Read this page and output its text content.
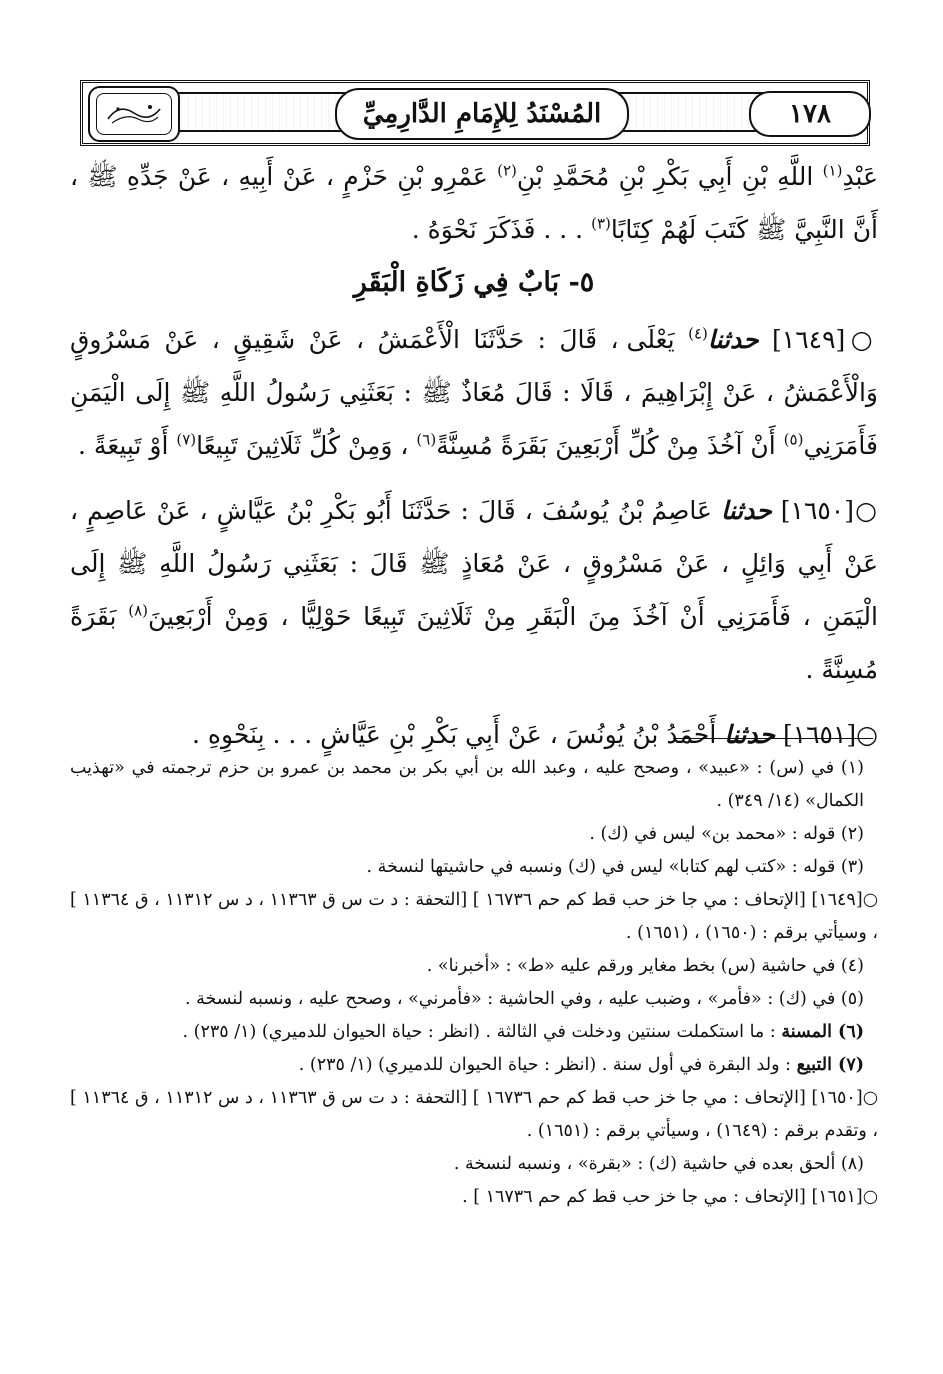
١٧٨
المُسْنَدُ لِلإِمَامِ الدَّارِمِيِّ

عَبْدِ$^{(١)}$ اللَّهِ بْنِ أَبِي بَكْرِ بْنِ مُحَمَّدِ بْنِ$^{(٢)}$ عَمْرِو بْنِ حَزْمٍ ، عَنْ أَبِيهِ ، عَنْ جَدِّهِ ﷺ ، أَنَّ النَّبِيَّ ﷺ كَتَبَ لَهُمْ كِتَابًا$^{(٣)}$ . . . فَذَكَرَ نَحْوَهُ .

٥- بَابٌ فِي زَكَاةِ الْبَقَرِ

○[١٦٤٩] حدثنا$^{(٤)}$ يَعْلَى ، قَالَ : حَدَّثَنَا الْأَعْمَشُ ، عَنْ شَقِيقٍ ، عَنْ مَسْرُوقٍ وَالْأَعْمَشُ ، عَنْ إِبْرَاهِيمَ ، قَالَا : قَالَ مُعَاذٌ ﷺ : بَعَثَنِي رَسُولُ اللَّهِ ﷺ إِلَى الْيَمَنِ فَأَمَرَنِي$^{(٥)}$ أَنْ آخُذَ مِنْ كُلِّ أَرْبَعِينَ بَقَرَةً مُسِنَّةً$^{(٦)}$ ، وَمِنْ كُلِّ ثَلَاثِينَ تَبِيعًا$^{(٧)}$ أَوْ تَبِيعَةً .

○[١٦٥٠] حدثنا عَاصِمُ بْنُ يُوسُفَ ، قَالَ : حَدَّثَنَا أَبُو بَكْرِ بْنُ عَيَّاشٍ ، عَنْ عَاصِمٍ ، عَنْ أَبِي وَائِلٍ ، عَنْ مَسْرُوقٍ ، عَنْ مُعَاذٍ ﷺ قَالَ : بَعَثَنِي رَسُولُ اللَّهِ ﷺ إِلَى الْيَمَنِ ، فَأَمَرَنِي أَنْ آخُذَ مِنَ الْبَقَرِ مِنْ ثَلَاثِينَ تَبِيعًا حَوْلِيًّا ، وَمِنْ أَرْبَعِينَ$^{(٨)}$ بَقَرَةً مُسِنَّةً .

○[١٦٥١] حدثنا أَحْمَدُ بْنُ يُونُسَ ، عَنْ أَبِي بَكْرِ بْنِ عَيَّاشٍ . . . بِنَحْوِهِ .

(١) في (س) : «عبيد» ، وصحح عليه ، وعبد الله بن أبي بكر بن محمد بن عمرو بن حزم ترجمته في «تهذيب الكمال» (١٤/ ٣٤٩) .

(٢) قوله : «محمد بن» ليس في (ك) .

(٣) قوله : «كتب لهم كتابا» ليس في (ك) ونسبه في حاشيتها لنسخة .

○[١٦٤٩] [الإتحاف : مي جا خز حب قط كم حم ١٦٧٣٦ ] [التحفة : د ت س ق ١١٣٦٣ ، د س ١١٣١٢ ، ق ١١٣٦٤ ] ، وسيأتي برقم : (١٦٥٠) ، (١٦٥١) .

(٤) في حاشية (س) بخط مغاير ورقم عليه «ط» : «أخبرنا» .

(٥) في (ك) : «فأمر» ، وضبب عليه ، وفي الحاشية : «فأمرني» ، وصحح عليه ، ونسبه لنسخة .

(٦) المسنة : ما استكملت سنتين ودخلت في الثالثة . (انظر : حياة الحيوان للدميري) (١/ ٢٣٥) .

(٧) التبيع : ولد البقرة في أول سنة . (انظر : حياة الحيوان للدميري) (١/ ٢٣٥) .

○[١٦٥٠] [الإتحاف : مي جا خز حب قط كم حم ١٦٧٣٦ ] [التحفة : د ت س ق ١١٣٦٣ ، د س ١١٣١٢ ، ق ١١٣٦٤ ] ، وتقدم برقم : (١٦٤٩) ، وسيأتي برقم : (١٦٥١) .

(٨) ألحق بعده في حاشية (ك) : «بقرة» ، ونسبه لنسخة .

○[١٦٥١] [الإتحاف : مي جا خز حب قط كم حم ١٦٧٣٦ ] .
